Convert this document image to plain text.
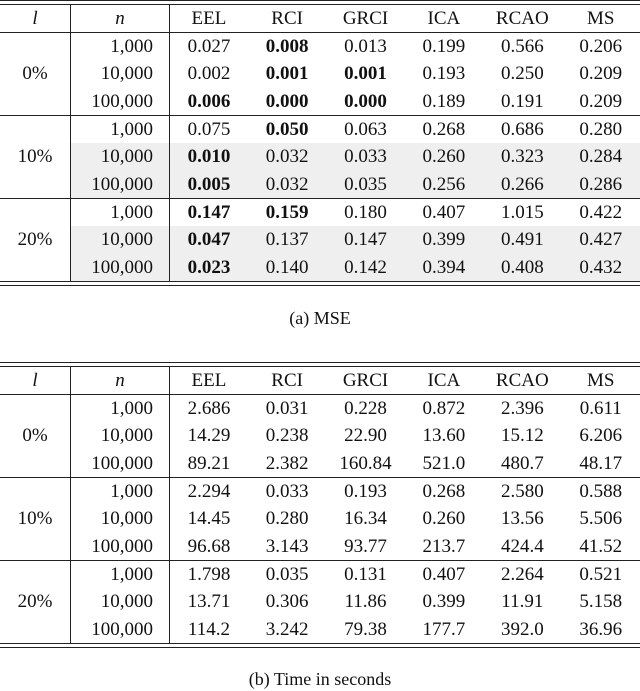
l	n	EEL	RCI	GRCI	ICA	RCAO	MS
0%	1,000	0.027	0.008	0.013	0.199	0.566	0.206
	10,000	0.002	0.001	0.001	0.193	0.250	0.209
	100,000	0.006	0.000	0.000	0.189	0.191	0.209
10%	1,000	0.075	0.050	0.063	0.268	0.686	0.280
	10,000	0.010	0.032	0.033	0.260	0.323	0.284
	100,000	0.005	0.032	0.035	0.256	0.266	0.286
20%	1,000	0.147	0.159	0.180	0.407	1.015	0.422
	10,000	0.047	0.137	0.147	0.399	0.491	0.427
	100,000	0.023	0.140	0.142	0.394	0.408	0.432
(a) MSE
l	n	EEL	RCI	GRCI	ICA	RCAO	MS
0%	1,000	2.686	0.031	0.228	0.872	2.396	0.611
	10,000	14.29	0.238	22.90	13.60	15.12	6.206
	100,000	89.21	2.382	160.84	521.0	480.7	48.17
10%	1,000	2.294	0.033	0.193	0.268	2.580	0.588
	10,000	14.45	0.280	16.34	0.260	13.56	5.506
	100,000	96.68	3.143	93.77	213.7	424.4	41.52
20%	1,000	1.798	0.035	0.131	0.407	2.264	0.521
	10,000	13.71	0.306	11.86	0.399	11.91	5.158
	100,000	114.2	3.242	79.38	177.7	392.0	36.96
(b) Time in seconds
